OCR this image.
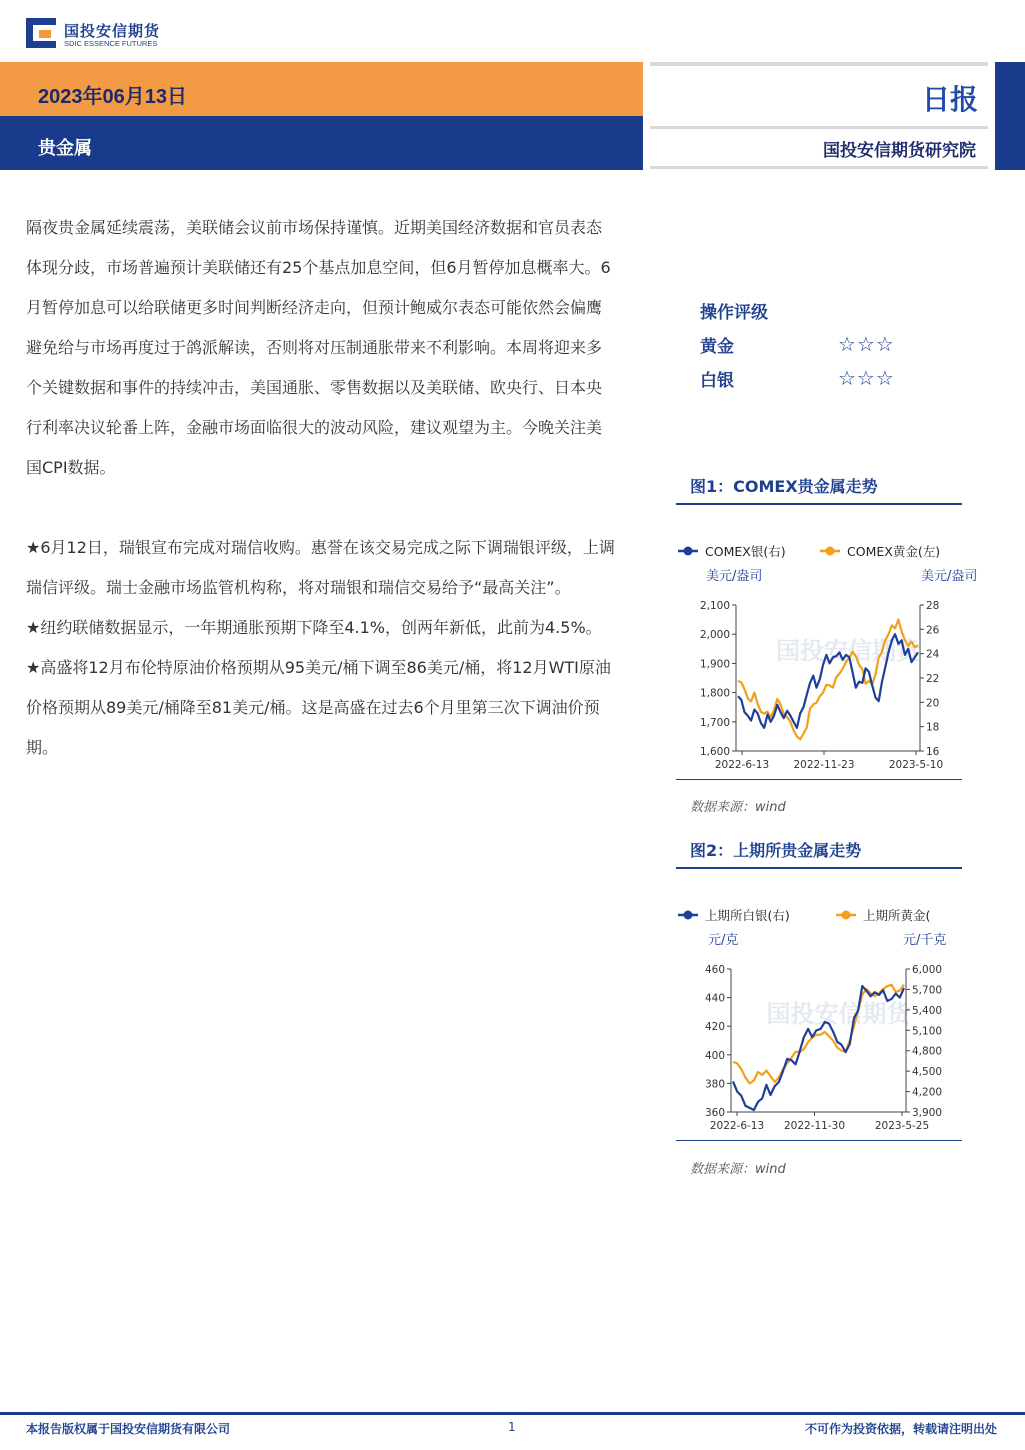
国投安信期货
SDIC ESSENCE FUTURES
2023年06月13日
贵金属
日报
国投安信期货研究院

隔夜贵金属延续震荡，美联储会议前市场保持谨慎。近期美国经济数据和官员表态体现分歧，市场普遍预计美联储还有25个基点加息空间，但6月暂停加息概率大。6月暂停加息可以给联储更多时间判断经济走向，但预计鲍威尔表态可能依然会偏鹰避免给与市场再度过于鸽派解读，否则将对压制通胀带来不利影响。本周将迎来多个关键数据和事件的持续冲击，美国通胀、零售数据以及美联储、欧央行、日本央行利率决议轮番上阵，金融市场面临很大的波动风险，建议观望为主。今晚关注美国CPI数据。

★6月12日，瑞银宣布完成对瑞信收购。惠誉在该交易完成之际下调瑞银评级，上调瑞信评级。瑞士金融市场监管机构称，将对瑞银和瑞信交易给予“最高关注”。

★纽约联储数据显示，一年期通胀预期下降至4.1%，创两年新低，此前为4.5%。

★高盛将12月布伦特原油价格预期从95美元/桶下调至86美元/桶，将12月WTI原油价格预期从89美元/桶降至81美元/桶。这是高盛在过去6个月里第三次下调油价预期。

操作评级
黄金	☆☆☆
白银	☆☆☆
图1：COMEX贵金属走势
国投安信期货
COMEX银(右)	COMEX黄金(左)
美元/盎司	美元/盎司
1,600
1,700
1,800
1,900
2,000
2,100
16
18
20
22
24
26
28
2022-6-13 2022-11-23	2023-5-10
数据来源：wind
图2：上期所贵金属走势
国投安信期货
上期所白银(右)	上期所黄金(
元/克	元/千克
360
380
400
420
440
460
3,900
4,200
4,500
4,800
5,100
5,400
5,700
6,000
2022-6-13 2022-11-30	2023-5-25
数据来源：wind
本报告版权属于国投安信期货有限公司	1	不可作为投资依据，转载请注明出处
